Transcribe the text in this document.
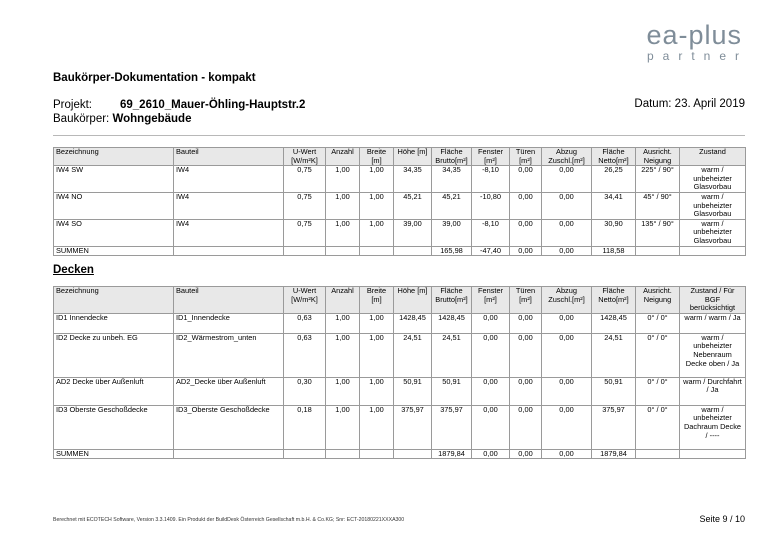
ea-plus
partner
Baukörper-Dokumentation - kompakt
Projekt: 69_2610_Mauer-Öhling-Hauptstr.2
Baukörper: Wohngebäude
Datum: 23. April 2019
Bezeichnung	Bauteil	U-Wert [W/m²K]	Anzahl	Breite [m]	Höhe [m]	Fläche Brutto[m²]	Fenster [m²]	Türen [m²]	Abzug Zuschl.[m²]	Fläche Netto[m²]	Ausricht. Neigung	Zustand
IW4 SW	IW4	0,75	1,00	1,00	34,35	34,35	-8,10	0,00	0,00	26,25	225° / 90°	warm / unbeheizter Glasvorbau
IW4 NO	IW4	0,75	1,00	1,00	45,21	45,21	-10,80	0,00	0,00	34,41	45° / 90°	warm / unbeheizter Glasvorbau
IW4 SO	IW4	0,75	1,00	1,00	39,00	39,00	-8,10	0,00	0,00	30,90	135° / 90°	warm / unbeheizter Glasvorbau
SUMMEN						165,98	-47,40	0,00	0,00	118,58		
Decken
Bezeichnung	Bauteil	U-Wert [W/m²K]	Anzahl	Breite [m]	Höhe [m]	Fläche Brutto[m²]	Fenster [m²]	Türen [m²]	Abzug Zuschl.[m²]	Fläche Netto[m²]	Ausricht. Neigung	Zustand / Für BGF berücksichtigt
ID1 Innendecke	ID1_Innendecke	0,63	1,00	1,00	1428,45	1428,45	0,00	0,00	0,00	1428,45	0° / 0°	warm / warm / Ja
ID2 Decke zu unbeh. EG	ID2_Wärmestrom_unten	0,63	1,00	1,00	24,51	24,51	0,00	0,00	0,00	24,51	0° / 0°	warm / unbeheizter Nebenraum Decke oben / Ja
AD2 Decke über Außenluft	AD2_Decke über Außenluft	0,30	1,00	1,00	50,91	50,91	0,00	0,00	0,00	50,91	0° / 0°	warm / Durchfahrt / Ja
ID3 Oberste Geschoßdecke	ID3_Oberste Geschoßdecke	0,18	1,00	1,00	375,97	375,97	0,00	0,00	0,00	375,97	0° / 0°	warm / unbeheizter Dachraum Decke / ----
SUMMEN						1879,84	0,00	0,00	0,00	1879,84		
Berechnet mit ECOTECH Software, Version 3.3.1409. Ein Produkt der BuildDesk Österreich Gesellschaft m.b.H. & Co.KG; Snr: ECT-20180221XXXA300	Seite 9 / 10
